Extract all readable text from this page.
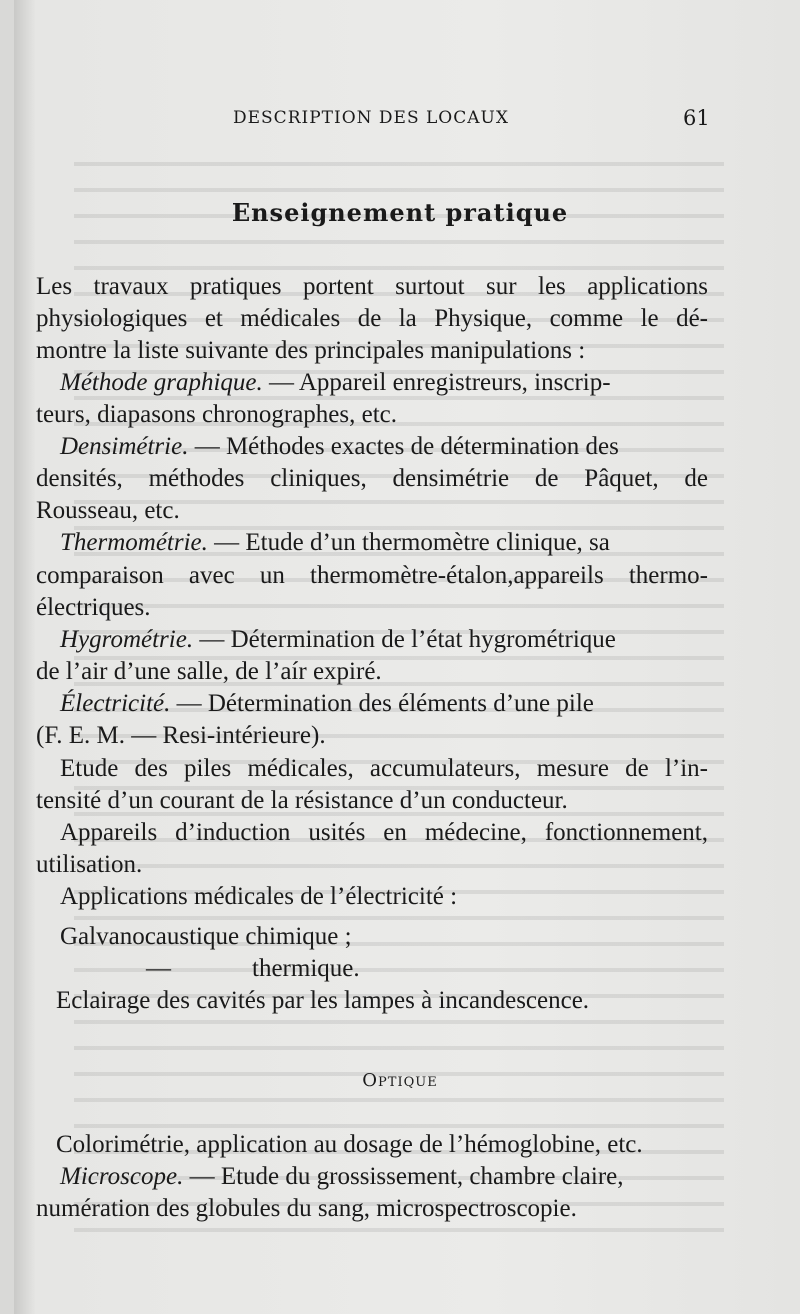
DESCRIPTION DES LOCAUX	61
Enseignement pratique
Les travaux pratiques portent surtout sur les applications
physiologiques et médicales de la Physique, comme le dé-
montre la liste suivante des principales manipulations :
Méthode graphique. — Appareil enregistreurs, inscrip-
teurs, diapasons chronographes, etc.
Densimétrie. — Méthodes exactes de détermination des
densités, méthodes cliniques, densimétrie de Pâquet, de
Rousseau, etc.
Thermométrie. — Etude d’un thermomètre clinique, sa
comparaison avec un thermomètre-étalon,appareils thermo-
électriques.
Hygrométrie. — Détermination de l’état hygrométrique
de l’air d’une salle, de l’aír expiré.
Électricité. — Détermination des éléments d’une pile
(F. E. M. — Resi-intérieure).
Etude des piles médicales, accumulateurs, mesure de l’in-
tensité d’un courant de la résistance d’un conducteur.
Appareils d’induction usités en médecine, fonctionnement,
utilisation.
Applications médicales de l’électricité :
Galvanocaustique chimique ;
—	thermique.
Eclairage des cavités par les lampes à incandescence.
Optique
Colorimétrie, application au dosage de l’hémoglobine, etc.
Microscope. — Etude du grossissement, chambre claire,
numération des globules du sang, microspectroscopie.
